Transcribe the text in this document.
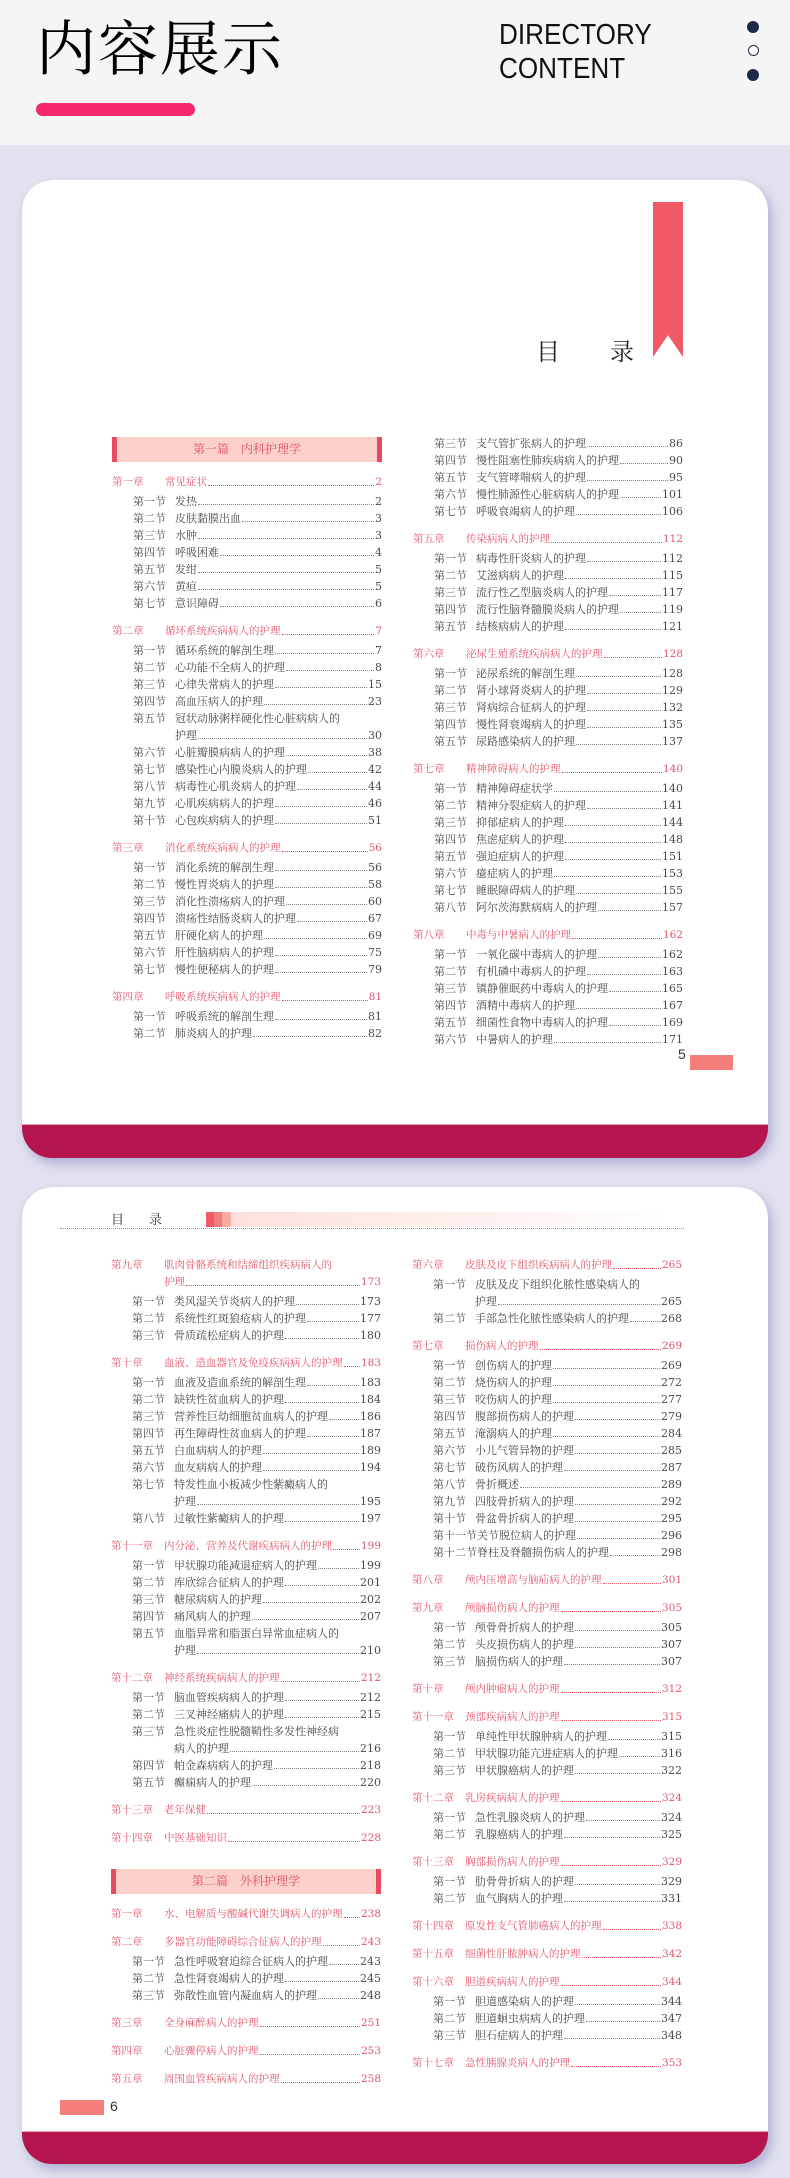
内容展示	DIRECTORY
CONTENT
目 录
第一篇　内科护理学
第一章	常见症状	2
第一节 发热	2
第二节 皮肤黏膜出血	3
第三节 水肿	3
第四节 呼吸困难	4
第五节 发绀	5
第六节 黄疸	5
第七节 意识障碍	6
第二章	循环系统疾病病人的护理	7
第一节 循环系统的解剖生理	7
第二节 心功能不全病人的护理	8
第三节 心律失常病人的护理	15
第四节 高血压病人的护理	23
第五节 冠状动脉粥样硬化性心脏病病人的
护理	30
第六节 心脏瓣膜病病人的护理	38
第七节 感染性心内膜炎病人的护理	42
第八节 病毒性心肌炎病人的护理	44
第九节 心肌疾病病人的护理	46
第十节 心包疾病病人的护理	51
第三章	消化系统疾病病人的护理	56
第一节 消化系统的解剖生理	56
第二节 慢性胃炎病人的护理	58
第三节 消化性溃疡病人的护理	60
第四节 溃疡性结肠炎病人的护理	67
第五节 肝硬化病人的护理	69
第六节 肝性脑病病人的护理	75
第七节 慢性便秘病人的护理	79
第四章	呼吸系统疾病病人的护理	81
第一节 呼吸系统的解剖生理	81
第二节 肺炎病人的护理	82
第三节 支气管扩张病人的护理	86
第四节 慢性阻塞性肺疾病病人的护理	90
第五节 支气管哮喘病人的护理	95
第六节 慢性肺源性心脏病病人的护理	101
第七节 呼吸衰竭病人的护理	106
第五章	传染病病人的护理	112
第一节 病毒性肝炎病人的护理	112
第二节 艾滋病病人的护理	115
第三节 流行性乙型脑炎病人的护理	117
第四节 流行性脑脊髓膜炎病人的护理	119
第五节 结核病病人的护理	121
第六章	泌尿生殖系统疾病病人的护理	128
第一节 泌尿系统的解剖生理	128
第二节 肾小球肾炎病人的护理	129
第三节 肾病综合征病人的护理	132
第四节 慢性肾衰竭病人的护理	135
第五节 尿路感染病人的护理	137
第七章	精神障碍病人的护理	140
第一节 精神障碍症状学	140
第二节 精神分裂症病人的护理	141
第三节 抑郁症病人的护理	144
第四节 焦虑症病人的护理	148
第五节 强迫症病人的护理	151
第六节 癔症病人的护理	153
第七节 睡眠障碍病人的护理	155
第八节 阿尔茨海默病病人的护理	157
第八章	中毒与中暑病人的护理	162
第一节 一氧化碳中毒病人的护理	162
第二节 有机磷中毒病人的护理	163
第三节 镇静催眠药中毒病人的护理	165
第四节 酒精中毒病人的护理	167
第五节 细菌性食物中毒病人的护理	169
第六节 中暑病人的护理	171
5
目 录
第九章	肌肉骨骼系统和结缔组织疾病病人的
护理	173
第一节 类风湿关节炎病人的护理	173
第二节 系统性红斑狼疮病人的护理	177
第三节 骨质疏松症病人的护理	180
第十章	血液、造血器官及免疫疾病病人的护理 183
第一节 血液及造血系统的解剖生理	183
第二节 缺铁性贫血病人的护理	184
第三节 营养性巨幼细胞贫血病人的护理	186
第四节 再生障碍性贫血病人的护理	187
第五节 白血病病人的护理	189
第六节 血友病病人的护理	194
第七节 特发性血小板减少性紫癜病人的
护理	195
第八节 过敏性紫癜病人的护理	197
第十一章	内分泌、营养及代谢疾病病人的护理	199
第一节 甲状腺功能减退症病人的护理	199
第二节 库欣综合征病人的护理	201
第三节 糖尿病病人的护理	202
第四节 痛风病人的护理	207
第五节 血脂异常和脂蛋白异常血症病人的
护理	210
第十二章	神经系统疾病病人的护理	212
第一节 脑血管疾病病人的护理	212
第二节 三叉神经痛病人的护理	215
第三节 急性炎症性脱髓鞘性多发性神经病
病人的护理	216
第四节 帕金森病病人的护理	218
第五节 癫痫病人的护理	220
第十三章	老年保健	223
第十四章	中医基础知识	228
第二篇　外科护理学
第一章	水、电解质与酸碱代谢失调病人的护理 238
第二章	多器官功能障碍综合征病人的护理	243
第一节 急性呼吸窘迫综合征病人的护理	243
第二节 急性肾衰竭病人的护理	245
第三节 弥散性血管内凝血病人的护理	248
第三章	全身麻醉病人的护理	251
第四章	心脏骤停病人的护理	253
第五章	周围血管疾病病人的护理	258
第六章	皮肤及皮下组织疾病病人的护理	265
第一节 皮肤及皮下组织化脓性感染病人的
护理	265
第二节 手部急性化脓性感染病人的护理	268
第七章	损伤病人的护理	269
第一节 创伤病人的护理	269
第二节 烧伤病人的护理	272
第三节 咬伤病人的护理	277
第四节 腹部损伤病人的护理	279
第五节 淹溺病人的护理	284
第六节 小儿气管异物的护理	285
第七节 破伤风病人的护理	287
第八节 骨折概述	289
第九节 四肢骨折病人的护理	292
第十节 骨盆骨折病人的护理	295
第十一节 关节脱位病人的护理	296
第十二节 脊柱及脊髓损伤病人的护理	298
第八章	颅内压增高与脑疝病人的护理	301
第九章	颅脑损伤病人的护理	305
第一节 颅骨骨折病人的护理	305
第二节 头皮损伤病人的护理	307
第三节 脑损伤病人的护理	307
第十章	颅内肿瘤病人的护理	312
第十一章	颈部疾病病人的护理	315
第一节 单纯性甲状腺肿病人的护理	315
第二节 甲状腺功能亢进症病人的护理	316
第三节 甲状腺癌病人的护理	322
第十二章	乳房疾病病人的护理	324
第一节 急性乳腺炎病人的护理	324
第二节 乳腺癌病人的护理	325
第十三章	胸部损伤病人的护理	329
第一节 肋骨骨折病人的护理	329
第二节 血气胸病人的护理	331
第十四章	原发性支气管肺癌病人的护理	338
第十五章	细菌性肝脓肿病人的护理	342
第十六章	胆道疾病病人的护理	344
第一节 胆道感染病人的护理	344
第二节 胆道蛔虫病病人的护理	347
第三节 胆石症病人的护理	348
第十七章	急性胰腺炎病人的护理	353
6
